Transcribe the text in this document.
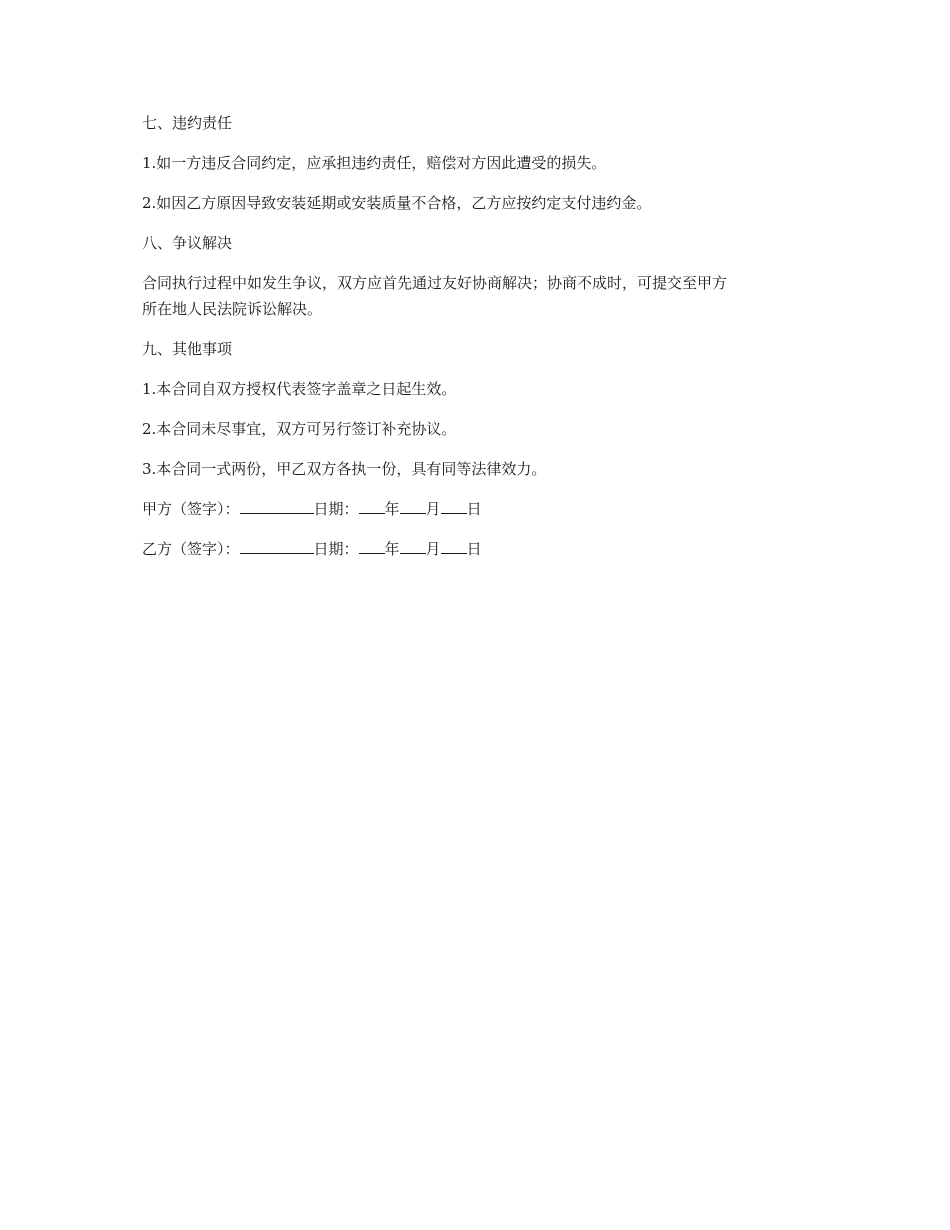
七、违约责任
1.如一方违反合同约定，应承担违约责任，赔偿对方因此遭受的损失。
2.如因乙方原因导致安装延期或安装质量不合格，乙方应按约定支付违约金。
八、争议解决
合同执行过程中如发生争议，双方应首先通过友好协商解决；协商不成时，可提交至甲方
所在地人民法院诉讼解决。
九、其他事项
1.本合同自双方授权代表签字盖章之日起生效。
2.本合同未尽事宜，双方可另行签订补充协议。
3.本合同一式两份，甲乙双方各执一份，具有同等法律效力。
甲方（签字）：	日期： 年 月 日
乙方（签字）：	日期： 年 月 日
